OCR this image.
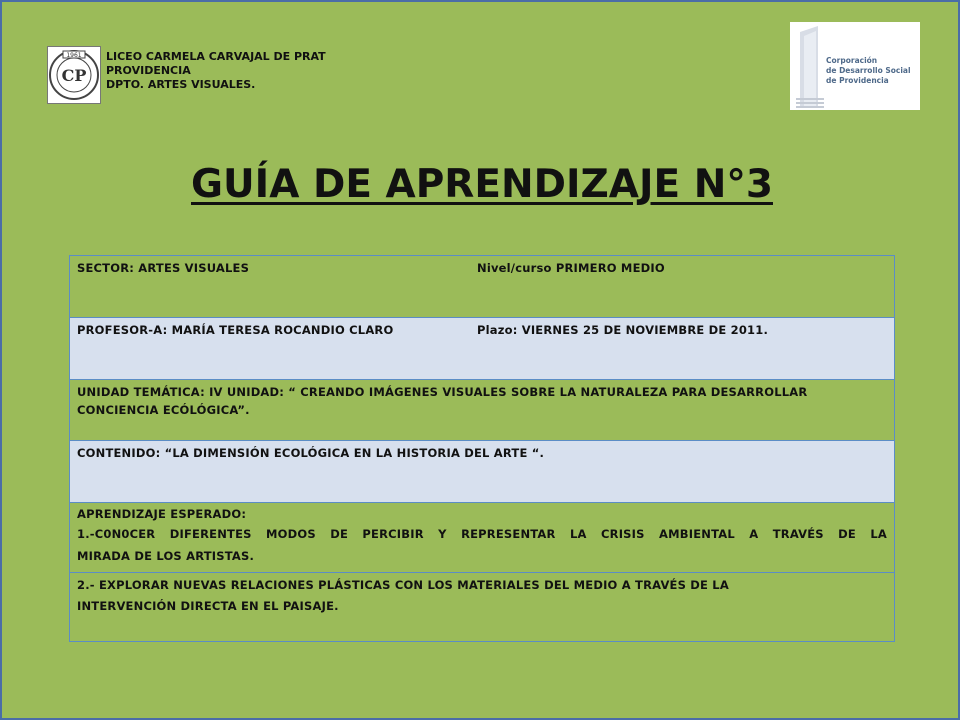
1961
CP
LICEO CARMELA CARVAJAL DE PRAT
PROVIDENCIA
DPTO. ARTES VISUALES.
Corporación
de Desarrollo Social
de Providencia
GUÍA DE APRENDIZAJE N°3
SECTOR: ARTES VISUALES	Nivel/curso PRIMERO MEDIO
PROFESOR-A: MARÍA TERESA ROCANDIO CLARO	Plazo: VIERNES 25 DE NOVIEMBRE DE 2011.
UNIDAD TEMÁTICA: IV UNIDAD: “ CREANDO IMÁGENES VISUALES SOBRE LA NATURALEZA PARA DESARROLLAR
CONCIENCIA ECÓLÓGICA”.
CONTENIDO: “LA DIMENSIÓN ECOLÓGICA EN LA HISTORIA DEL ARTE “.
APRENDIZAJE ESPERADO:
1.-C0N0CER DIFERENTES MODOS DE PERCIBIR Y REPRESENTAR LA CRISIS AMBIENTAL A TRAVÉS DE LA
MIRADA DE LOS ARTISTAS.
2.- EXPLORAR NUEVAS RELACIONES PLÁSTICAS CON LOS MATERIALES DEL MEDIO A TRAVÉS DE LA
INTERVENCIÓN DIRECTA EN EL PAISAJE.
